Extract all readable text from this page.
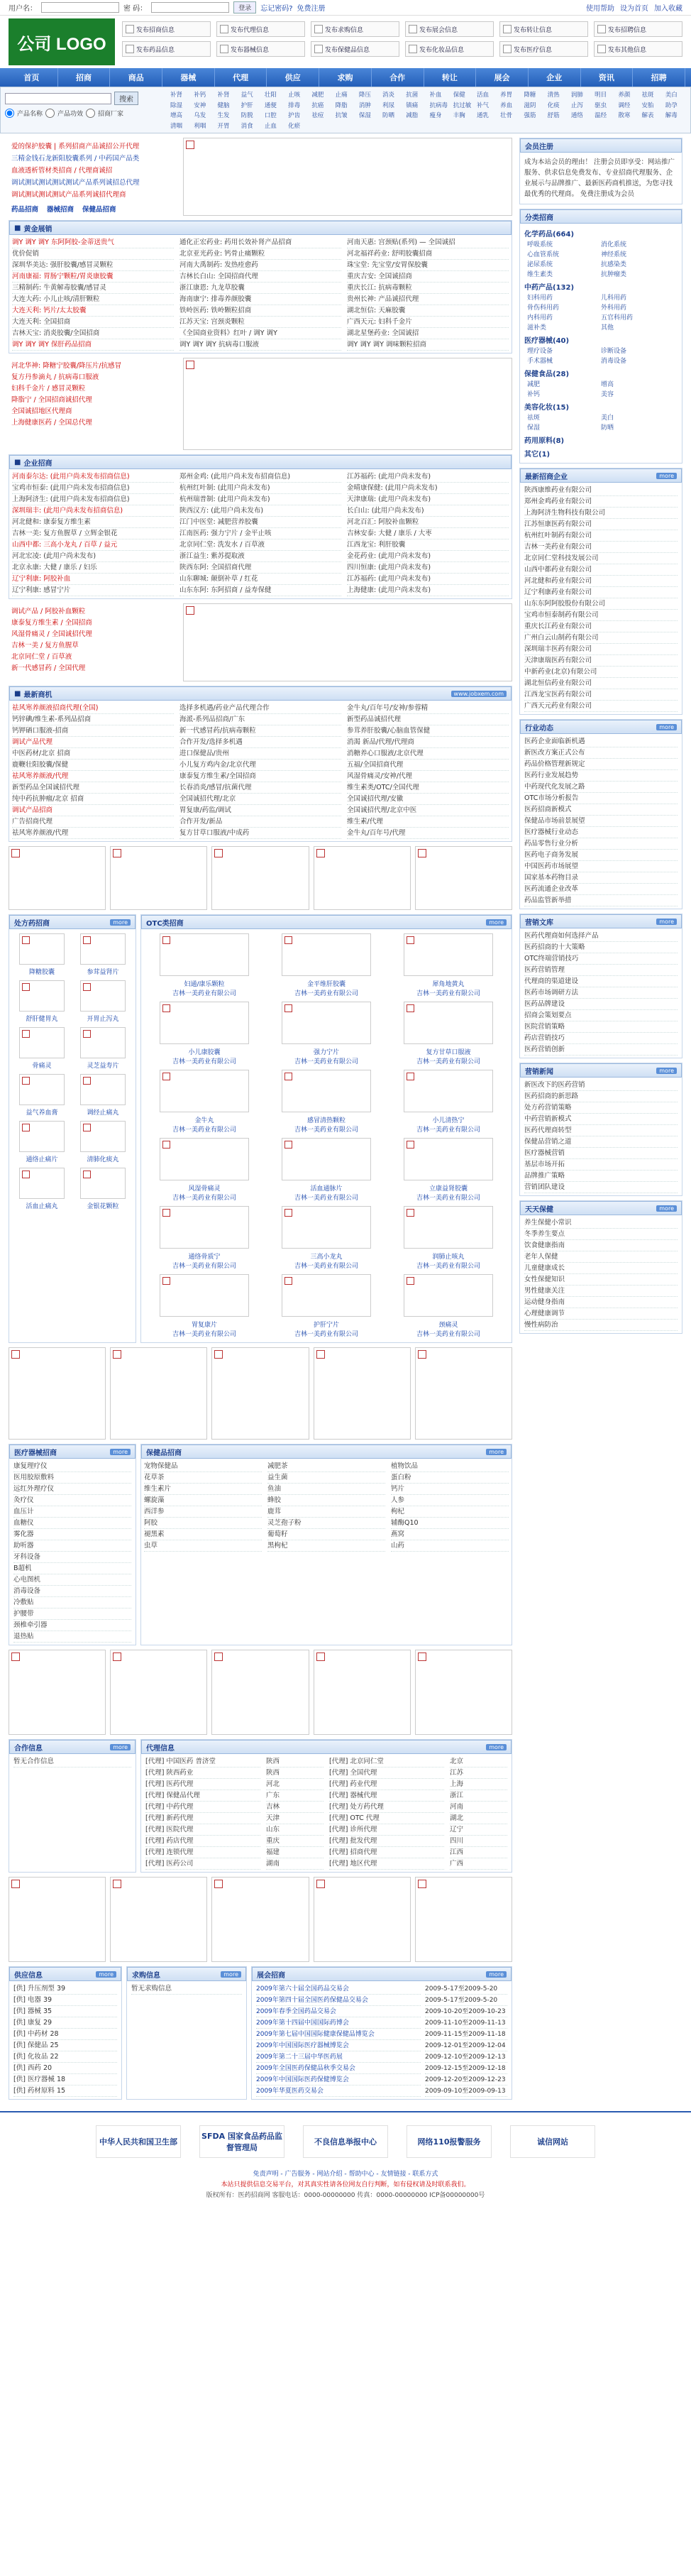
用户名：	密 码：	登录	忘记密码? 免费注册	使用帮助 设为首页 加入收藏
公司 LOGO
发布招商信息	发布代理信息	发布求购信息	发布展会信息	发布转让信息	发布招聘信息
发布药品信息	发布器械信息	发布保健品信息	发布化妆品信息	发布医疗信息	发布其他信息
首页	招商	商品	器械	代理	供应	求购	合作	转让	展会	企业	资讯	招聘
搜索
产品名称 产品功效 招商厂家
补肾	补钙	补肾	益气	壮阳	止咳	减肥	止痛	降压	消炎	抗菌	补血	保健	活血	养胃	降糖	清热	润肺	明目	养颜	祛斑	美白
除湿	安神	健脑	护肝	通便	排毒	抗癌	降脂	消肿	利尿	镇痛	抗病毒 抗过敏 补气	养血	滋阴	化痰	止泻	驱虫	调经	安胎	助孕
增高	乌发	生发	防脱	口腔	护齿	祛痘	抗皱	保湿	防晒	减脂	瘦身	丰胸	通乳	壮骨	强筋	舒筋	通络	温经	散寒	解表	解毒
清咽	利咽	开胃	消食	止血	化瘀
爱的保护胶囊 | 系列招商产品诚招公开代理
三精金钱石龙新阳胶囊系列 / 中药国产品类
血液透析管材类招商 / 代理商诚招
调试测试测试测试测试产品系列诚招总代理
调试测试测试测试产品系列诚招代理商
药品招商 器械招商 保健品招商
■ 黄金展销
调Y 调Y 调Y 东阿阿胶-金蒂送贵气	通化正宏药业: 药用长效补肾产品招商	河南天惠: 宫颈贴(系列) — 全国诚招
优价促销	北京亚光药业: 钙骨止痛颗粒	河北福祥药业: 舒明胶囊招商
深圳华美达: 强肝胶囊/感冒灵颗粒	河南大禹制药: 发热痊愈药	珠宝堂: 先宝堂/安胃保胶囊
河南康福: 胃肠宁颗粒/胃炎康胶囊	吉林长白山: 全国招商代理	重庆吉安: 全国诚招商
三精制药: 牛黄解毒胶囊/感冒灵	浙江康恩: 九龙草胶囊	重庆长江: 抗病毒颗粒
大连大药: 小儿止咳/清肝颗粒	海南康宁: 排毒养颜胶囊	贵州长神: 产品诚招代理
大连天利: 钙片/太太胶囊	铁岭医药: 铁岭颗粒招商	湖北恒信: 天麻胶囊
大连天利: 全国招商	江苏天宝: 宫颈炎颗粒	广西天元: 妇科千金片
吉林天宝: 消炎胶囊/全国招商	《全国商业资料》红叶 / 调Y 调Y	湖北星堡药业: 全国诚招
调Y 调Y 调Y 保肝药品招商	调Y 调Y 调Y 抗病毒口服液	调Y 调Y 调Y 调味颗粒招商
河北华神: 降糖宁胶囊/降压片/抗感冒
复方丹参滴丸 / 抗病毒口服液
妇科千金片 / 感冒灵颗粒
降脂宁 / 全国招商诚招代理
全国诚招地区代理商
上海健康医药 / 全国总代理
■ 企业招商
河南泰尔达: (此用户尚未发布招商信息)	郑州金鸡: (此用户尚未发布招商信息)	江苏福药: (此用户尚未发布)
宝鸡市恒泰: (此用户尚未发布招商信息)	杭州红叶制: (此用户尚未发布)	金晴康保健: (此用户尚未发布)
上海阿济生: (此用户尚未发布招商信息)	杭州瑞普制: (此用户尚未发布)	天津康瑞: (此用户尚未发布)
深圳瑞丰: (此用户尚未发布招商信息)	陕西汉方: (此用户尚未发布)	长白山: (此用户尚未发布)
河北健和: 康泰复方维生素	江门中医堂: 减肥营养胶囊	河北百汇: 阿胶补血颗粒
吉林一美: 复方鱼腥草 / 立辉金银花	江南医药: 强力宁片 / 金平止咳	吉林安泰: 大健 / 康乐 / 大枣
山西中都: 三高小龙丸 / 百草 / 益元	北京同仁堂: 洗发水 / 百草液	江西龙宝: 利肝胶囊
河北宏凌: (此用户尚未发布)	浙江益生: 紫苏提取液	金花药业: (此用户尚未发布)
北京永康: 大健 / 康乐 / 妇乐	陕西东阿: 全国招商代理	四川恒康: (此用户尚未发布)
辽宁利康: 阿胶补血	山东聊城: 颠倒补草 / 红花	江苏福药: (此用户尚未发布)
辽宁利康: 感冒宁片	山东东阿: 东阿招商 / 益寿保健	上海健康: (此用户尚未发布)
调试产品 / 阿胶补血颗粒
康泰复方维生素 / 全国招商
风湿骨痛灵 / 全国诚招代理
吉林一美 / 复方鱼腥草
北京同仁堂 / 百草液
新一代感冒药 / 全国代理
■ 最新商机	www.jobxem.com
祛风寒养颜液招商代理(全国)	选择多机遇/药业产品代理合作	金牛丸/百年号/安神/参蓉精
钙锌碘/维生素-系列品招商	海派-系列品招商/广东	新型药品诚招代理
钙钾硒口服液-招商	新一代感冒药/抗病毒颗粒	参茸养肝胶囊/心脑血管保健
调试产品代理	合作开发/选择多机遇	消渴 新品/代理/代理商
中医药材/北京 招商	进口保健品/贵州	消糖养心口服液/北京代理
鹿鞭壮阳胶囊/保健	小儿复方鸡内金/北京代理	五福/全国招商代理
祛风寒养颜液/代理	康泰复方维生素/全国招商	风湿骨痛灵/安神/代理
新型药品全国诚招代理	长春消炎/感冒/抗菌代理	维生素类/OTC/全国代理
纯中药抗肿瘤/北京 招商	全国诚招代理/北京	全国诚招代理/安徽
调试产品招商	胃复康/药监/调试	全国诚招代理/北京中医
广告招商代理	合作开发/新品	维生素/代理
祛风寒养颜液/代理	复方甘草口服液/中成药	金牛丸/百年号/代理
处方药招商	more
降糖胶囊	参茸益肾片
舒肝健胃丸	开胃止泻丸
骨痛灵	灵芝益寿片
益气养血膏	调经止痛丸
通络止痛片	清肺化痰丸
活血止痛丸	金银花颗粒
OTC类招商	more
妇通/康乐颗粒
吉林一美药业有限公司
金平维肝胶囊
吉林一美药业有限公司
犀角地黄丸
吉林一美药业有限公司
小儿康胶囊
吉林一美药业有限公司
强力宁片
吉林一美药业有限公司
复方甘草口服液
吉林一美药业有限公司
金牛丸
吉林一美药业有限公司
感冒清热颗粒
吉林一美药业有限公司
小儿清热宁
吉林一美药业有限公司
风湿骨痛灵
吉林一美药业有限公司
活血通脉片
吉林一美药业有限公司
立康益肾胶囊
吉林一美药业有限公司
通络骨质宁
吉林一美药业有限公司
三高小龙丸
吉林一美药业有限公司
润肺止咳丸
吉林一美药业有限公司
胃复康片
吉林一美药业有限公司
护肝宁片
吉林一美药业有限公司
颈痛灵
吉林一美药业有限公司
医疗器械招商	more
康复理疗仪
医用胶原敷料
远红外理疗仪
灸疗仪
血压计
血糖仪
雾化器
助听器
牙科设备
B超机
心电图机
消毒设备
冷敷贴
护腰带
颈椎牵引器
退热贴
保健品招商	more
宠物保健品	减肥茶	植物饮品
花草茶	益生菌	蛋白粉
维生素片	鱼油	钙片
螺旋藻	蜂胶	人参
西洋参	鹿茸	枸杞
阿胶	灵芝孢子粉	辅酶Q10
褪黑素	葡萄籽	燕窝
虫草	黑枸杞	山药
合作信息	more
暂无合作信息
代理信息	more
[代理] 中国医药 普济堂	陕西	[代理] 北京同仁堂	北京
[代理] 陕西药业	陕西	[代理] 全国代理	江苏
[代理] 医药代理	河北	[代理] 药业代理	上海
[代理] 保健品代理	广东	[代理] 器械代理	浙江
[代理] 中药代理	吉林	[代理] 处方药代理	河南
[代理] 新药代理	天津	[代理] OTC 代理	湖北
[代理] 医院代理	山东	[代理] 诊所代理	辽宁
[代理] 药店代理	重庆	[代理] 批发代理	四川
[代理] 连锁代理	福建	[代理] 招商代理	江西
[代理] 医药公司	湖南	[代理] 地区代理	广西
供应信息	more
[供] 升压剂型 39
[供] 电器 39
[供] 器械 35
[供] 康复 29
[供] 中药材 28
[供] 保健品 25
[供] 化妆品 22
[供] 西药 20
[供] 医疗器械 18
[供] 药材原料 15
求购信息	more
暂无求购信息
展会招商	more
2009年第六十届全国药品交易会	2009-5-17至2009-5-20
2009年第四十届全国医药保健品交易会	2009-5-17至2009-5-20
2009年春季全国药品交易会	2009-10-20至2009-10-23
2009年第十四届中国国际药博会	2009-11-10至2009-11-13
2009年第七届中国国际健康保健品博览会	2009-11-15至2009-11-18
2009年中国国际医疗器械博览会	2009-12-01至2009-12-04
2009年第二十三届中华医药展	2009-12-10至2009-12-13
2009年全国医药保健品秋季交易会	2009-12-15至2009-12-18
2009年中国国际医药保健博览会	2009-12-20至2009-12-23
2009年华夏医药交易会	2009-09-10至2009-09-13
会员注册
成为本站会员的理由！ 注册会员即享受：网站推广服务、供求信息免费发布、专业招商代理服务、企业展示与品牌推广、最新医药商机推送，为您寻找最优秀的代理商。 免费注册成为会员
分类招商
化学药品(664)
呼吸系统	消化系统
心血管系统	神经系统
泌尿系统	抗感染类
维生素类	抗肿瘤类
中药产品(132)
妇科用药	儿科用药
骨伤科用药	外科用药
内科用药	五官科用药
滋补类	其他
医疗器械(40)
理疗设备	诊断设备
手术器械	消毒设备
保健食品(28)
减肥	增高
补钙	美容
美容化妆(15)
祛斑	美白
保湿	防晒
药用原料(8)
其它(1)
最新招商企业	more
陕西康维药业有限公司
郑州金鸡药业有限公司
上海阿济生物科技有限公司
江苏恒康医药有限公司
杭州红叶制药有限公司
吉林一美药业有限公司
北京同仁堂科技发展公司
山西中都药业有限公司
河北健和药业有限公司
辽宁利康药业有限公司
山东东阿阿胶股份有限公司
宝鸡市恒泰制药有限公司
重庆长江药业有限公司
广州白云山制药有限公司
深圳瑞丰医药有限公司
天津康瑞医药有限公司
中新药业(北京)有限公司
湖北恒信药业有限公司
江西龙宝医药有限公司
广西天元药业有限公司
行业动态	more
医药企业面临新机遇
新医改方案正式公布
药品价格管理新规定
医药行业发展趋势
中药现代化发展之路
OTC市场分析报告
医药招商新模式
保健品市场前景展望
医疗器械行业动态
药品零售行业分析
医药电子商务发展
中国医药市场展望
国家基本药物目录
医药流通企业改革
药品监管新举措
营销文库	more
医药代理商如何选择产品
医药招商的十大策略
OTC终端营销技巧
医药营销管理
代理商的渠道建设
医药市场调研方法
医药品牌建设
招商会策划要点
医院营销策略
药店营销技巧
医药营销创新
营销新闻	more
新医改下的医药营销
医药招商的新思路
处方药营销策略
中药营销新模式
医药代理商转型
保健品营销之道
医疗器械营销
基层市场开拓
品牌推广策略
营销团队建设
天天保健	more
养生保健小常识
冬季养生要点
饮食健康指南
老年人保健
儿童健康成长
女性保健知识
男性健康关注
运动健身指南
心理健康调节
慢性病防治
中华人民共和国卫生部
SFDA 国家食品药品监督管理局
不良信息举报中心	网络110报警服务	诚信网站
免责声明 - 广告服务 - 网站介绍 - 帮助中心 - 友情链接 - 联系方式
本站只提供信息交易平台，对其真实性请各位网友自行判断，如有侵权请及时联系我们。
版权所有：医药招商网 客服电话：0000-00000000 传真：0000-00000000 ICP备00000000号
